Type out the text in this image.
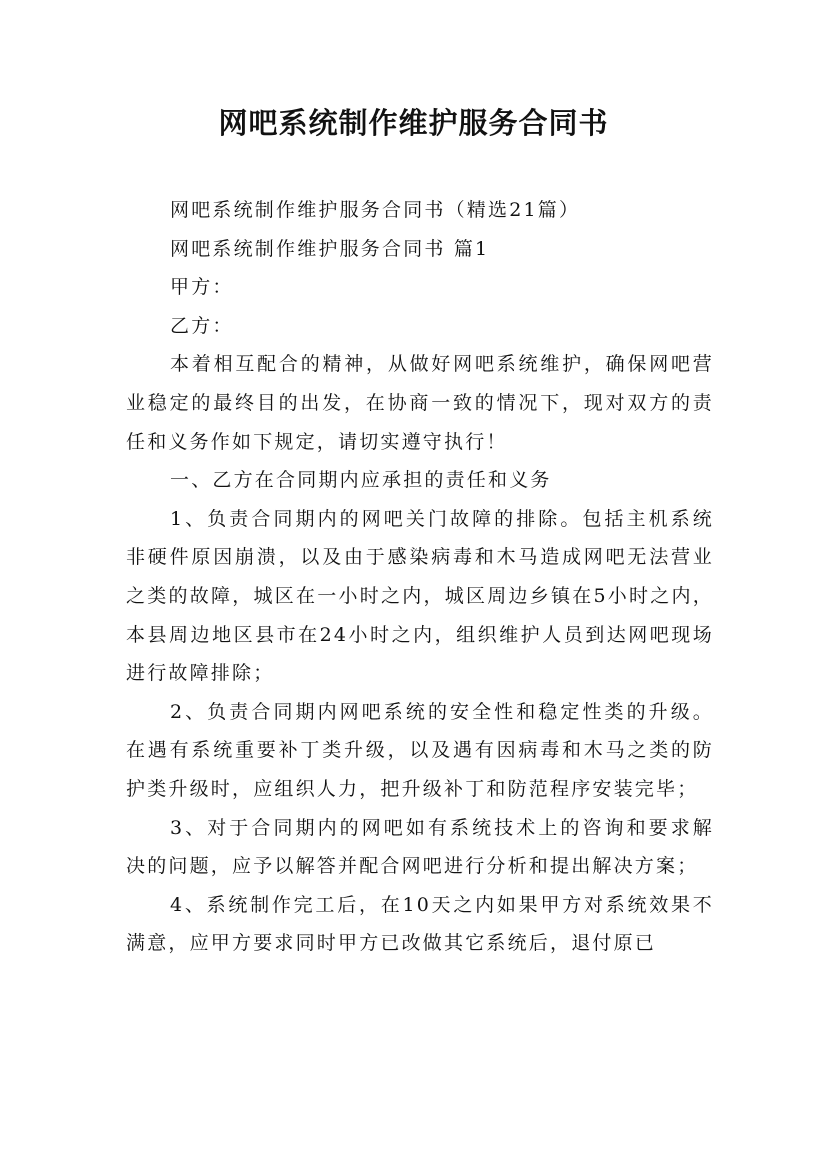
网吧系统制作维护服务合同书

网吧系统制作维护服务合同书（精选21篇）

网吧系统制作维护服务合同书 篇1

甲方：

乙方：

本着相互配合的精神，从做好网吧系统维护，确保网吧营业稳定的最终目的出发，在协商一致的情况下，现对双方的责任和义务作如下规定，请切实遵守执行！

一、乙方在合同期内应承担的责任和义务

1、负责合同期内的网吧关门故障的排除。包括主机系统非硬件原因崩溃，以及由于感染病毒和木马造成网吧无法营业之类的故障，城区在一小时之内，城区周边乡镇在5小时之内，本县周边地区县市在24小时之内，组织维护人员到达网吧现场进行故障排除；

2、负责合同期内网吧系统的安全性和稳定性类的升级。在遇有系统重要补丁类升级，以及遇有因病毒和木马之类的防护类升级时，应组织人力，把升级补丁和防范程序安装完毕；

3、对于合同期内的网吧如有系统技术上的咨询和要求解决的问题，应予以解答并配合网吧进行分析和提出解决方案；

4、系统制作完工后，在10天之内如果甲方对系统效果不满意，应甲方要求同时甲方已改做其它系统后，退付原已
